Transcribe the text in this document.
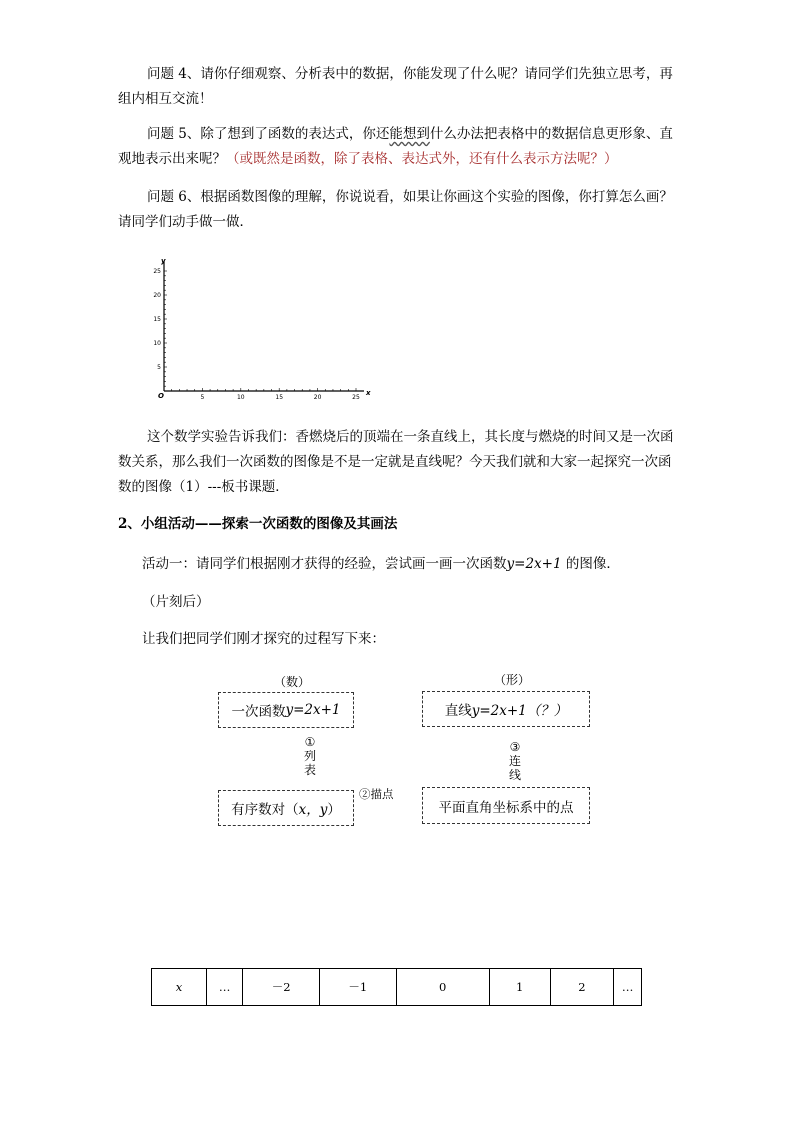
问题 4、请你仔细观察、分析表中的数据，你能发现了什么呢？请同学们先独立思考，再组内相互交流！
问题 5、除了想到了函数的表达式，你还能想到什么办法把表格中的数据信息更形象、直观地表示出来呢？（或既然是函数，除了表格、表达式外，还有什么表示方法呢？）
问题 6、根据函数图像的理解，你说说看，如果让你画这个实验的图像，你打算怎么画？请同学们动手做一做．
5	10	15	20	25
5
10
15
20
25
O	x
y
这个数学实验告诉我们：香燃烧后的顶端在一条直线上，其长度与燃烧的时间又是一次函数关系，那么我们一次函数的图像是不是一定就是直线呢？今天我们就和大家一起探究一次函数的图像（1）---板书课题．
2、小组活动——探索一次函数的图像及其画法
活动一：请同学们根据刚才获得的经验，尝试画一画一次函数y=2x+1 的图像．
（片刻后）
让我们把同学们刚才探究的过程写下来：
（数）	（形）
一次函数 y=2x+1	直线 y=2x+1（？）
①
列
表
③
连
线
②描点
有序数对（ x，y ）	平面直角坐标系中的点
x	…	－2	－1	0	1	2	…
